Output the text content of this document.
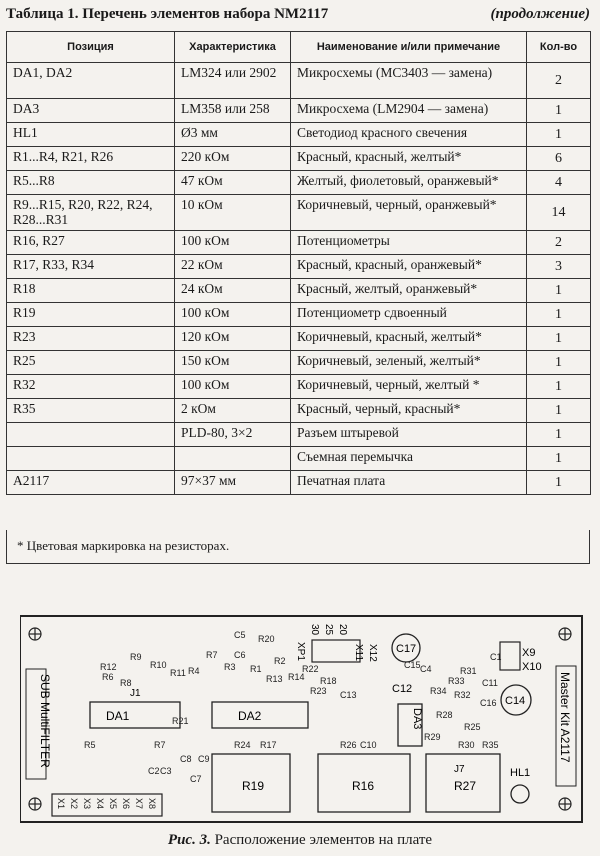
Таблица 1. Перечень элементов набора NM2117	(продолжение)
Позиция	Характеристика	Наименование и/или примечание	Кол-во
DA1, DA2	LM324 или 2902	Микросхемы (MC3403 — замена)	2
DA3	LM358 или 258	Микросхема (LM2904 — замена)	1
HL1	Ø3 мм	Светодиод красного свечения	1
R1...R4, R21, R26	220 кОм	Красный, красный, желтый*	6
R5...R8	47 кОм	Желтый, фиолетовый, оранжевый*	4
R9...R15, R20, R22, R24, R28...R31	10 кОм	Коричневый, черный, оранжевый*	14
R16, R27	100 кОм	Потенциометры	2
R17, R33, R34	22 кОм	Красный, красный, оранжевый*	3
R18	24 кОм	Красный, желтый, оранжевый*	1
R19	100 кОм	Потенциометр сдвоенный	1
R23	120 кОм	Коричневый, красный, желтый*	1
R25	150 кОм	Коричневый, зеленый, желтый*	1
R32	100 кОм	Коричневый, черный, желтый *	1
R35	2 кОм	Красный, черный, красный*	1
	PLD-80, 3×2	Разъем штыревой	1
		Съемная перемычка	1
A2117	97×37 мм	Печатная плата	1
* Цветовая маркировка на резисторах.
SUB MultiFILTER	Master Kit A2117
DA1	DA2	DA3
R19	R16	R27
C17
C14
C12
HL1
XP1	X11 X12	X9
X10
30 25 20
J1
J7
R12
R9
R10
R11
R6
C5
C6
R20
R8
R4
R7
R3 R1
R2
R13 R14
R22
R18
R23 C13
R33
R31
R34 R32
C11
C4
C1
R5	R7	R24 R17
R21
R26 C10	R35
R30
R29
R28
R25
C15
C16
C8 C9
C2 C3
C7
X1 X2 X3 X4 X5 X6 X7 X8
Рис. 3. Расположение элементов на плате
